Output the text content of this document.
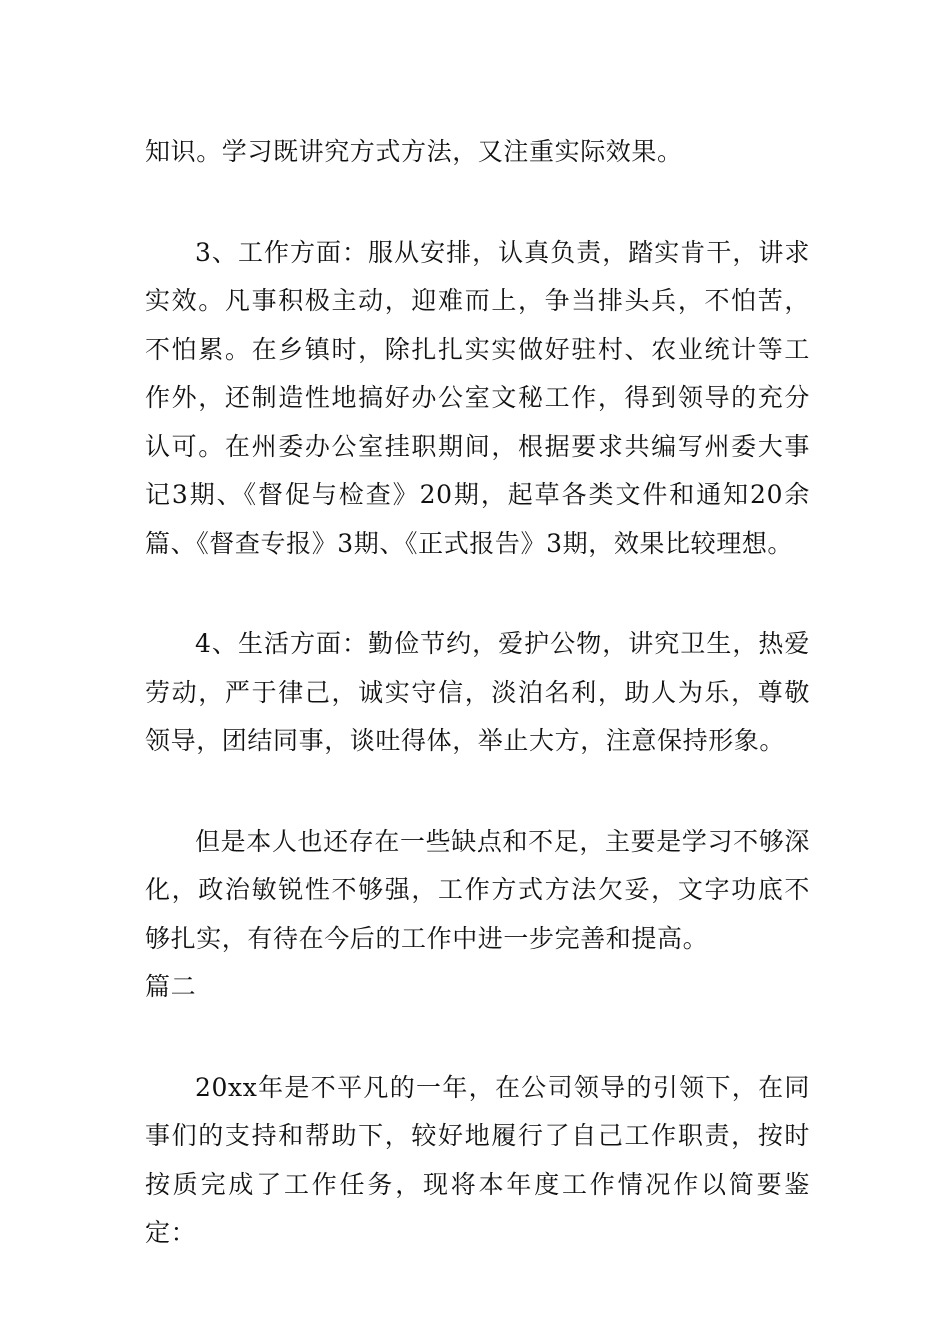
知识。学习既讲究方式方法，又注重实际效果。

3、工作方面：服从安排，认真负责，踏实肯干，讲求实效。凡事积极主动，迎难而上，争当排头兵，不怕苦，不怕累。在乡镇时，除扎扎实实做好驻村、农业统计等工作外，还制造性地搞好办公室文秘工作，得到领导的充分认可。在州委办公室挂职期间，根据要求共编写州委大事记3期、《督促与检查》20期，起草各类文件和通知20余篇、《督查专报》3期、《正式报告》3期，效果比较理想。

4、生活方面：勤俭节约，爱护公物，讲究卫生，热爱劳动，严于律己，诚实守信，淡泊名利，助人为乐，尊敬领导，团结同事，谈吐得体，举止大方，注意保持形象。

但是本人也还存在一些缺点和不足，主要是学习不够深化，政治敏锐性不够强，工作方式方法欠妥，文字功底不够扎实，有待在今后的工作中进一步完善和提高。

篇二

20xx年是不平凡的一年，在公司领导的引领下，在同事们的支持和帮助下，较好地履行了自己工作职责，按时按质完成了工作任务，现将本年度工作情况作以简要鉴定：
